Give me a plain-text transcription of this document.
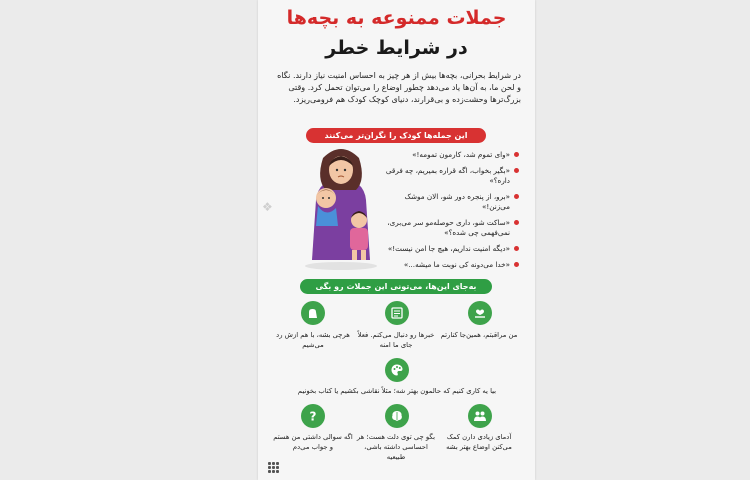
جملات ممنوعه به بچه‌ها
در شرایط خطر
در شرایط بحرانی، بچه‌ها بیش از هر چیز به احساس امنیت نیاز دارند. نگاه و لحن ما، به آن‌ها یاد می‌دهد چطور اوضاع را می‌توان تحمل کرد. وقتی بزرگ‌ترها وحشت‌زده و بی‌قرارند، دنیای کوچک کودک هم فرومی‌ریزد.
این جمله‌ها کودک را نگران‌تر می‌کنند
«وای تموم شد، کارمون تمومه!»
«بگیر بخواب، اگه قراره بمیریم، چه فرقی داره؟»
«برو، از پنجره دور شو، الان موشک می‌زنن!»
«ساکت شو، داری حوصله‌مو سر می‌بری، نمی‌فهمی چی شده؟»
«دیگه امنیت نداریم، هیچ جا امن نیست!»
«خدا می‌دونه کی نوبت ما میشه...»
❖
به‌جای این‌ها، می‌تونی این جملات رو بگی
من مراقبتم، همین‌جا کنارتم
خبرها رو دنبال می‌کنم. فعلاً جای ما امنه
هرچی بشه، با هم ازش رد می‌شیم
بیا یه کاری کنیم که حالمون بهتر شه؛ مثلاً نقاشی بکشیم یا کتاب بخونیم
آدمای زیادی دارن کمک می‌کنن اوضاع بهتر بشه
بگو چی توی دلت هست؛ هر احساسی داشته باشی، طبیعیه
?
اگه سوالی داشتی من هستم و جواب می‌دم
